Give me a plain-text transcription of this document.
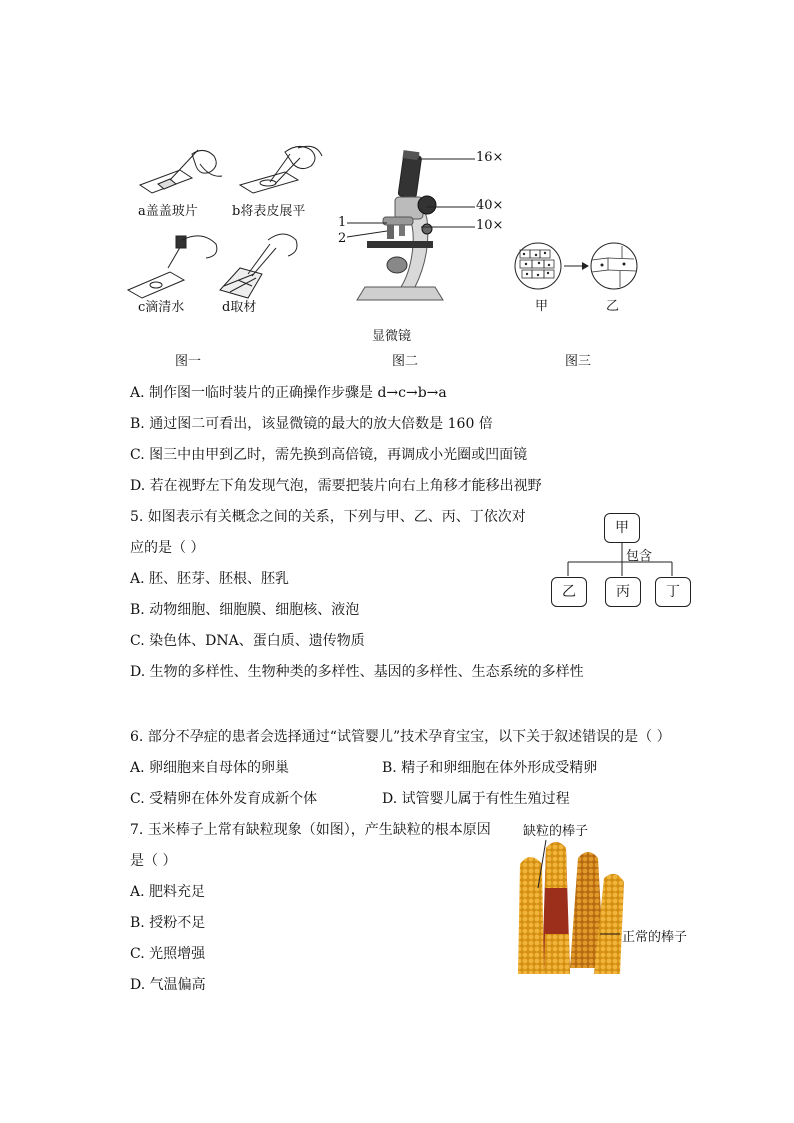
a盖盖玻片	b将表皮展平
c滴清水	d取材
图一
16×
40×
10×
1
2
显微镜
图二
甲	乙
图三
A. 制作图一临时装片的正确操作步骤是 d→c→b→a
B. 通过图二可看出，该显微镜的最大的放大倍数是 160 倍
C. 图三中由甲到乙时，需先换到高倍镜，再调成小光圈或凹面镜
D. 若在视野左下角发现气泡，需要把装片向右上角移才能移出视野
5. 如图表示有关概念之间的关系，下列与甲、乙、丙、丁依次对
应的是（ ）
A. 胚、胚芽、胚根、胚乳
B. 动物细胞、细胞膜、细胞核、液泡
C. 染色体、DNA、蛋白质、遗传物质
D. 生物的多样性、生物种类的多样性、基因的多样性、生态系统的多样性
甲
包含
乙	丙	丁
6. 部分不孕症的患者会选择通过“试管婴儿”技术孕育宝宝，以下关于叙述错误的是（ ）
A. 卵细胞来自母体的卵巢	B. 精子和卵细胞在体外形成受精卵
C. 受精卵在体外发育成新个体	D. 试管婴儿属于有性生殖过程
7. 玉米棒子上常有缺粒现象（如图），产生缺粒的根本原因
是（ ）
A. 肥料充足
B. 授粉不足
C. 光照增强
D. 气温偏高
缺粒的棒子
正常的棒子
